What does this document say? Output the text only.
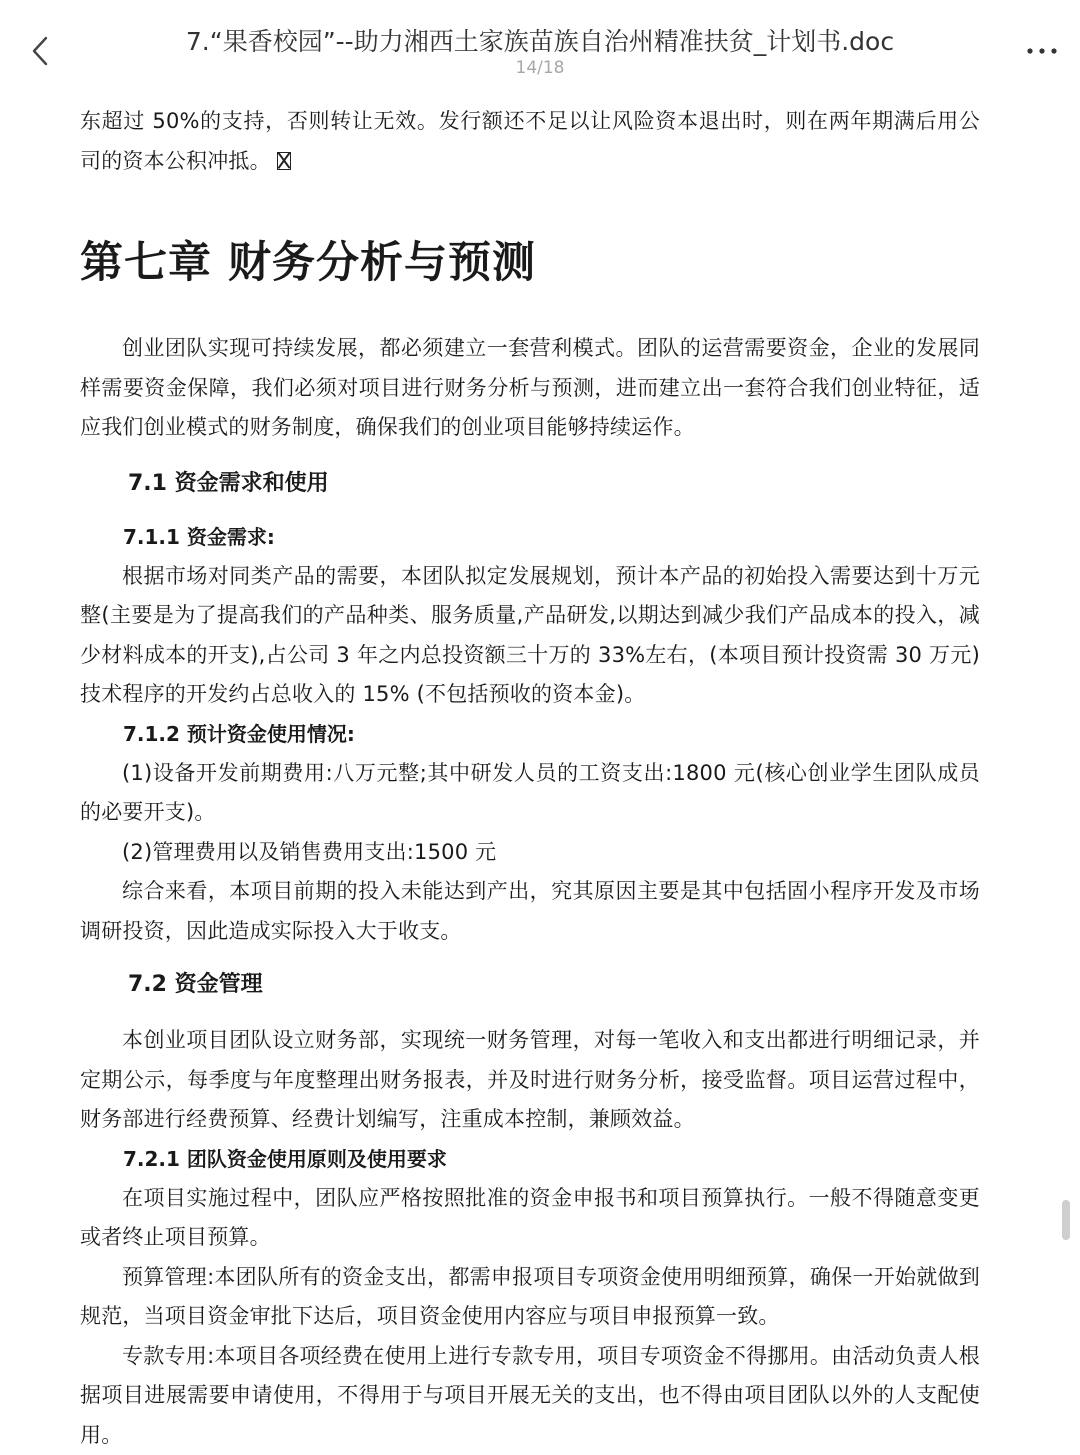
7.“果香校园”--助力湘西土家族苗族自治州精准扶贫_计划书.doc
14/18

东超过 50%的支持，否则转让无效。发行额还不足以让风险资本退出时，则在两年期满后用公司的资本公积冲抵。

第七章 财务分析与预测

创业团队实现可持续发展，都必须建立一套营利模式。团队的运营需要资金，企业的发展同样需要资金保障，我们必须对项目进行财务分析与预测，进而建立出一套符合我们创业特征，适应我们创业模式的财务制度，确保我们的创业项目能够持续运作。

7.1 资金需求和使用
7.1.1 资金需求:

根据市场对同类产品的需要，本团队拟定发展规划，预计本产品的初始投入需要达到十万元整(主要是为了提高我们的产品种类、服务质量,产品研发,以期达到减少我们产品成本的投入，减少材料成本的开支),占公司 3 年之内总投资额三十万的 33%左右，(本项目预计投资需 30 万元)技术程序的开发约占总收入的 15% (不包括预收的资本金)。

7.1.2 预计资金使用情况:

(1)设备开发前期费用:八万元整;其中研发人员的工资支出:1800 元(核心创业学生团队成员的必要开支)。

(2)管理费用以及销售费用支出:1500 元

综合来看，本项目前期的投入未能达到产出，究其原因主要是其中包括固小程序开发及市场调研投资，因此造成实际投入大于收支。

7.2 资金管理

本创业项目团队设立财务部，实现统一财务管理，对每一笔收入和支出都进行明细记录，并定期公示，每季度与年度整理出财务报表，并及时进行财务分析，接受监督。项目运营过程中，财务部进行经费预算、经费计划编写，注重成本控制，兼顾效益。

7.2.1 团队资金使用原则及使用要求

在项目实施过程中，团队应严格按照批准的资金申报书和项目预算执行。一般不得随意变更或者终止项目预算。

预算管理:本团队所有的资金支出，都需申报项目专项资金使用明细预算，确保一开始就做到规范，当项目资金审批下达后，项目资金使用内容应与项目申报预算一致。

专款专用:本项目各项经费在使用上进行专款专用，项目专项资金不得挪用。由活动负责人根据项目进展需要申请使用，不得用于与项目开展无关的支出，也不得由项目团队以外的人支配使用。
